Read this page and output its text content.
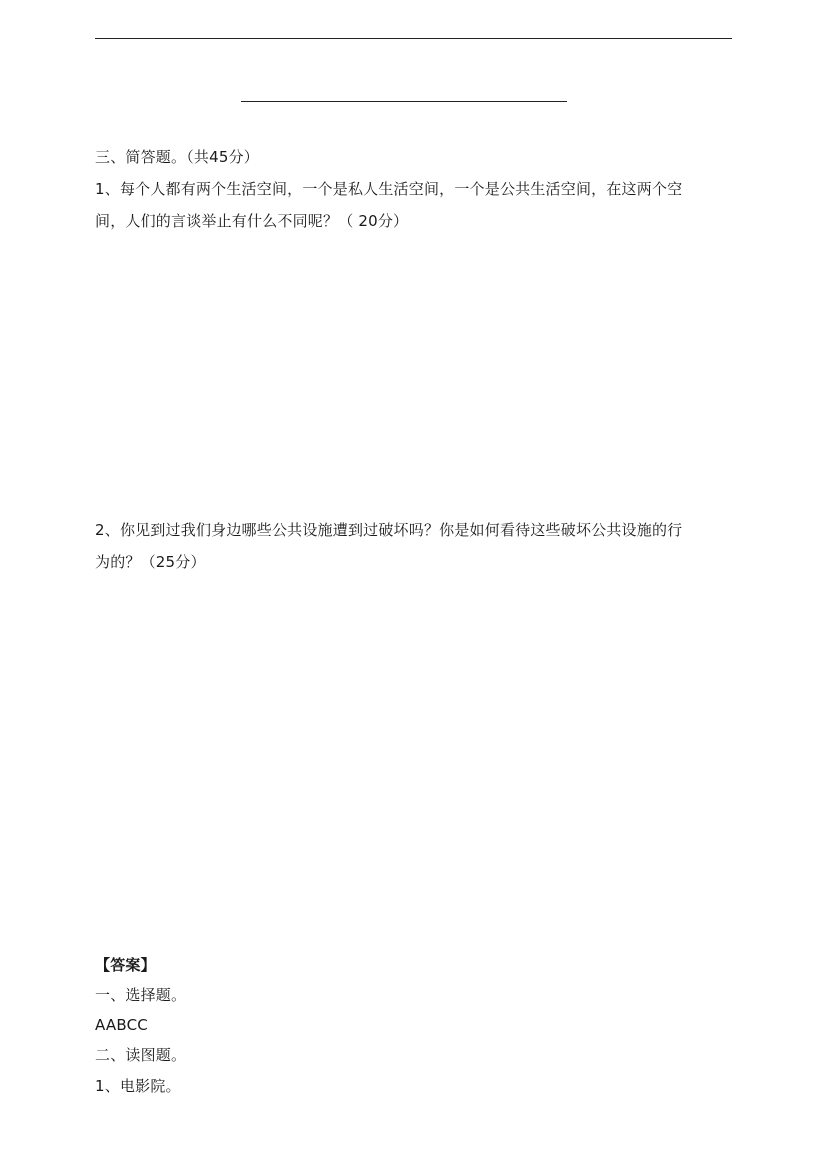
三、简答题。（共45分）
1、每个人都有两个生活空间，一个是私人生活空间，一个是公共生活空间，在这两个空
间，人们的言谈举止有什么不同呢？（ 20分）
2、你见到过我们身边哪些公共设施遭到过破坏吗？你是如何看待这些破坏公共设施的行
为的？（25分）
【答案】
一、选择题。
AABCC
二、读图题。
1、电影院。
